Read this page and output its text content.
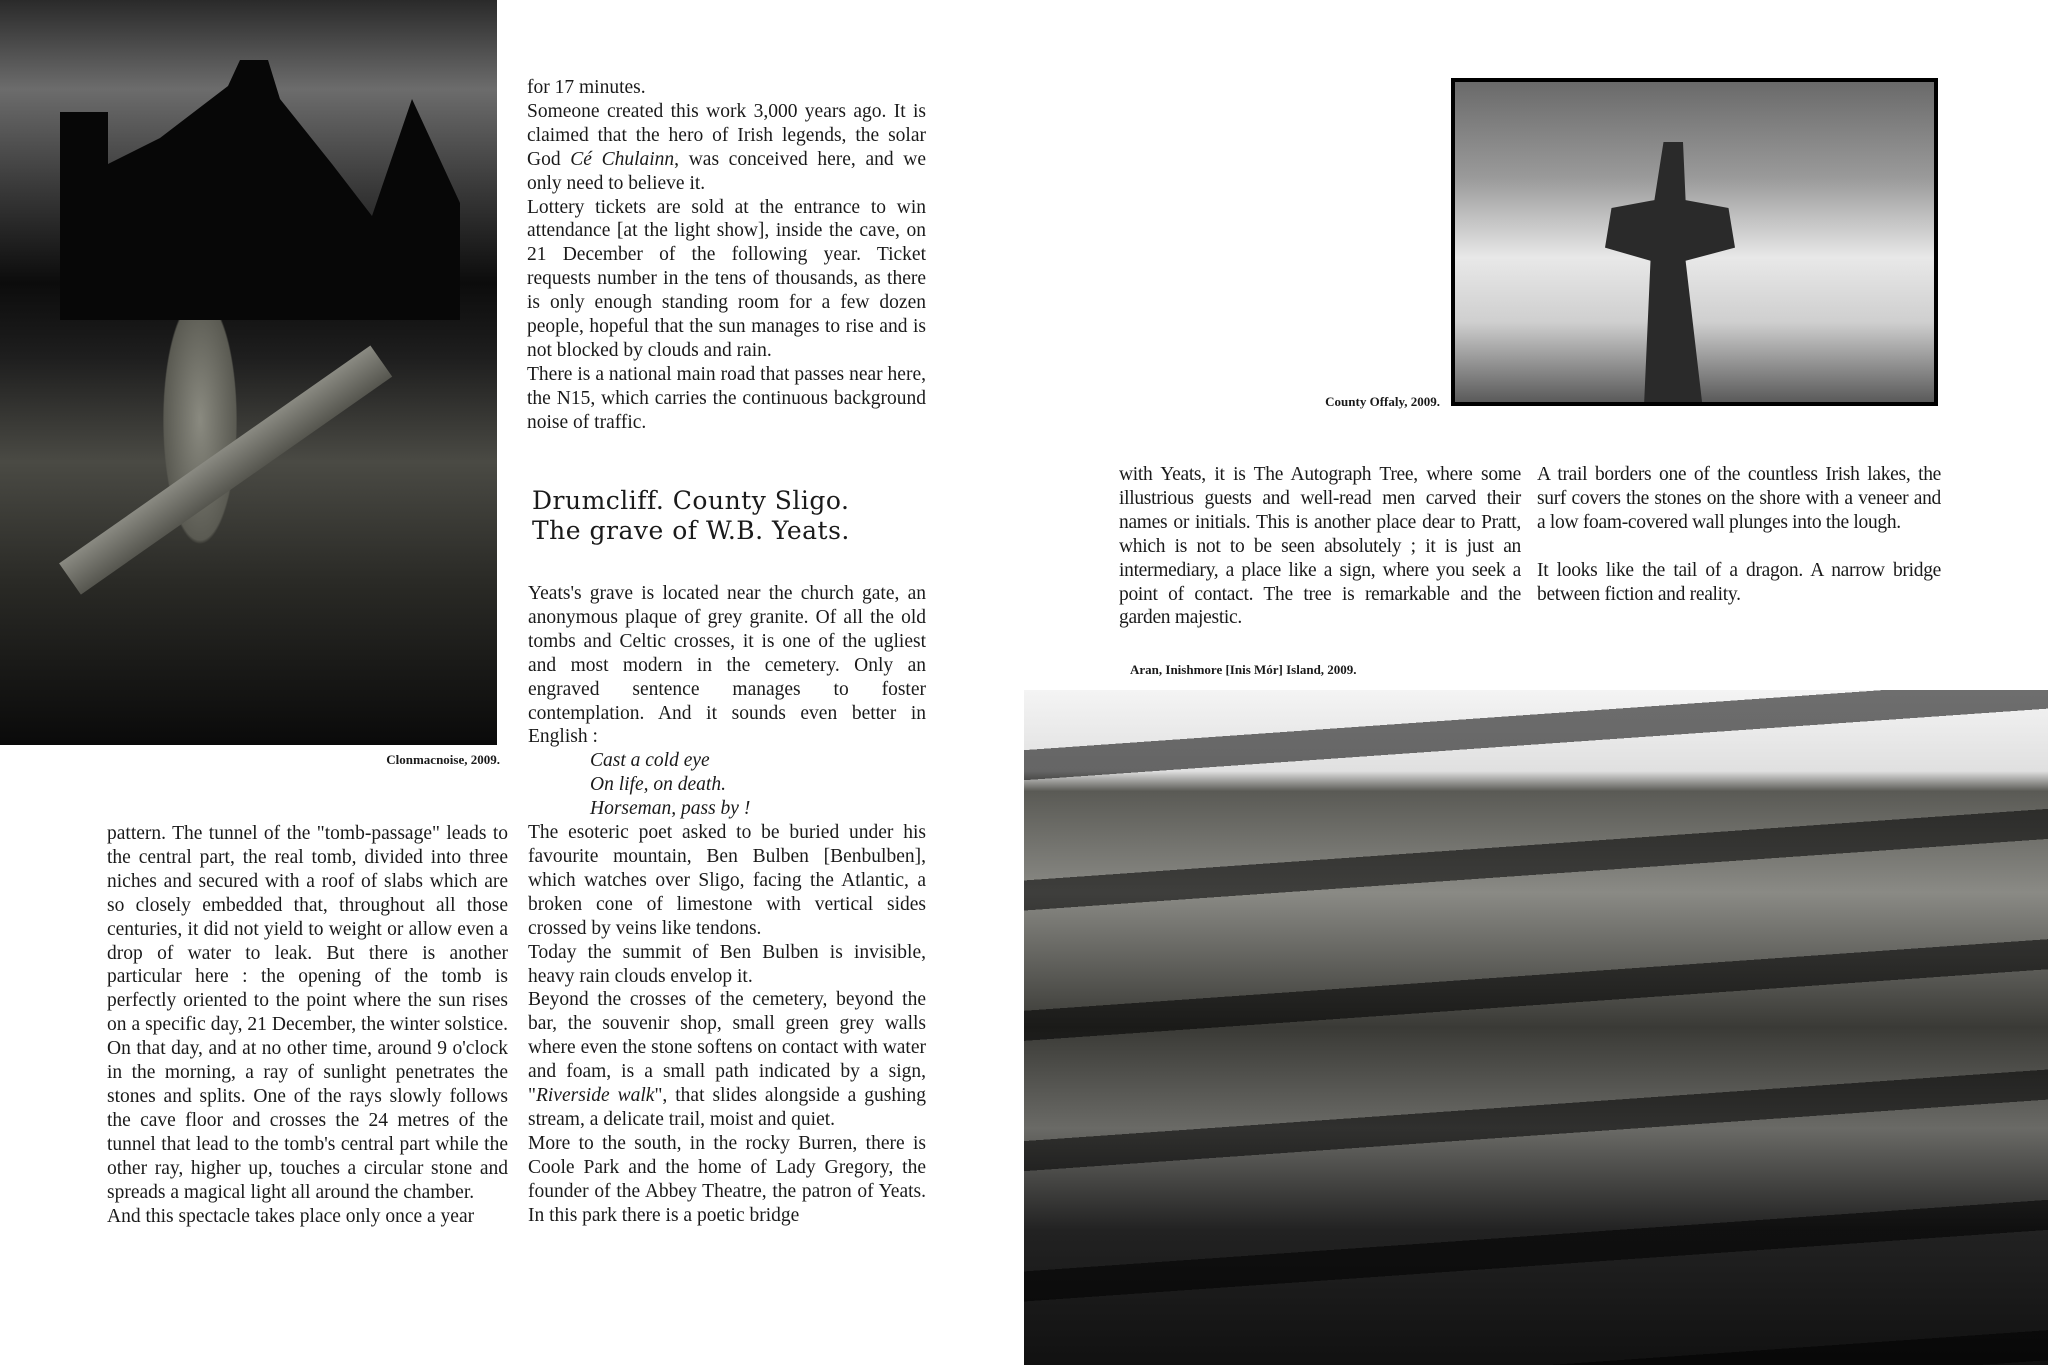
Clonmacnoise, 2009.

for 17 minutes.

Someone created this work 3,000 years ago. It is claimed that the hero of Irish legends, the solar God Cé Chulainn, was conceived here, and we only need to believe it.

Lottery tickets are sold at the entrance to win attendance [at the light show], inside the cave, on 21 December of the following year. Ticket requests number in the tens of thousands, as there is only enough standing room for a few dozen people, hopeful that the sun manages to rise and is not blocked by clouds and rain.

There is a national main road that passes near here, the N15, which carries the continuous background noise of traffic.

Drumcliff. County Sligo.
The grave of W.B. Yeats.

pattern. The tunnel of the "tomb-passage" leads to the central part, the real tomb, divided into three niches and secured with a roof of slabs which are so closely embedded that, throughout all those centuries, it did not yield to weight or allow even a drop of water to leak. But there is another particular here : the opening of the tomb is perfectly oriented to the point where the sun rises on a specific day, 21 December, the winter solstice. On that day, and at no other time, around 9 o'clock in the morning, a ray of sunlight penetrates the stones and splits. One of the rays slowly follows the cave floor and crosses the 24 metres of the tunnel that lead to the tomb's central part while the other ray, higher up, touches a circular stone and spreads a magical light all around the chamber.

And this spectacle takes place only once a year

Yeats's grave is located near the church gate, an anonymous plaque of grey granite. Of all the old tombs and Celtic crosses, it is one of the ugliest and most modern in the cemetery. Only an engraved sentence manages to foster contemplation. And it sounds even better in English :

Cast a cold eye

On life, on death.

Horseman, pass by !

The esoteric poet asked to be buried under his favourite mountain, Ben Bulben [Benbulben], which watches over Sligo, facing the Atlantic, a broken cone of limestone with vertical sides crossed by veins like tendons.

Today the summit of Ben Bulben is invisible, heavy rain clouds envelop it.

Beyond the crosses of the cemetery, beyond the bar, the souvenir shop, small green grey walls where even the stone softens on contact with water and foam, is a small path indicated by a sign, "Riverside walk", that slides alongside a gushing stream, a delicate trail, moist and quiet.

More to the south, in the rocky Burren, there is Coole Park and the home of Lady Gregory, the founder of the Abbey Theatre, the patron of Yeats. In this park there is a poetic bridge

County Offaly, 2009.

with Yeats, it is The Autograph Tree, where some illustrious guests and well-read men carved their names or initials. This is another place dear to Pratt, which is not to be seen absolutely ; it is just an intermediary, a place like a sign, where you seek a point of contact. The tree is remarkable and the garden majestic.

A trail borders one of the countless Irish lakes, the surf covers the stones on the shore with a veneer and a low foam-covered wall plunges into the lough.

It looks like the tail of a dragon. A narrow bridge between fiction and reality.

Aran, Inishmore [Inis Mór] Island, 2009.
